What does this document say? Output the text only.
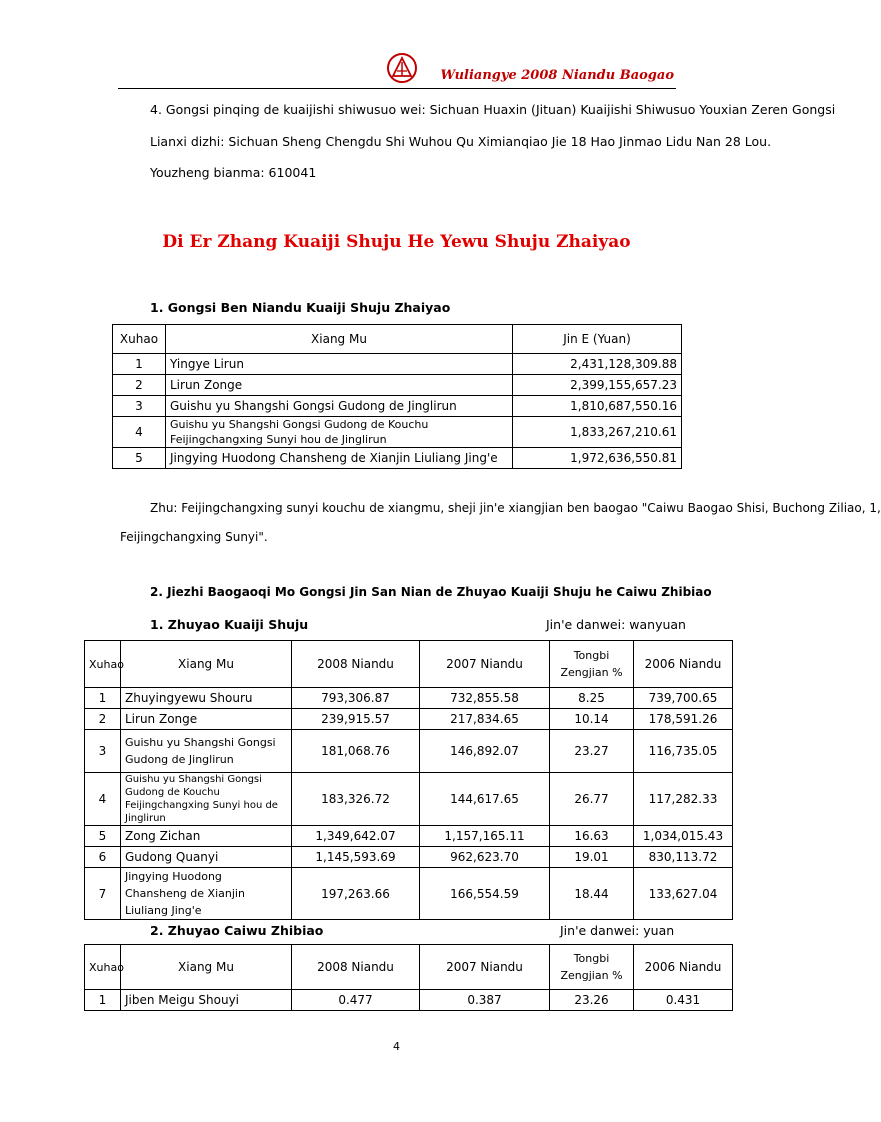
Wuliangye 2008 Niandu Baogao
4. Gongsi pinqing de kuaijishi shiwusuo wei: Sichuan Huaxin (Jituan) Kuaijishi Shiwusuo Youxian Zeren Gongsi
Lianxi dizhi: Sichuan Sheng Chengdu Shi Wuhou Qu Ximianqiao Jie 18 Hao Jinmao Lidu Nan 28 Lou.
Youzheng bianma: 610041
Di Er Zhang Kuaiji Shuju He Yewu Shuju Zhaiyao
1. Gongsi Ben Niandu Kuaiji Shuju Zhaiyao
Xuhao	Xiang Mu	Jin E (Yuan)
1	Yingye Lirun	2,431,128,309.88
2	Lirun Zonge	2,399,155,657.23
3	Guishu yu Shangshi Gongsi Gudong de Jinglirun	1,810,687,550.16
4	Guishu yu Shangshi Gongsi Gudong de Kouchu Feijingchangxing Sunyi hou de Jinglirun	1,833,267,210.61
5	Jingying Huodong Chansheng de Xianjin Liuliang Jing'e	1,972,636,550.81
Zhu: Feijingchangxing sunyi kouchu de xiangmu, sheji jin'e xiangjian ben baogao "Caiwu Baogao Shisi, Buchong Ziliao, 1,
Feijingchangxing Sunyi".
2. Jiezhi Baogaoqi Mo Gongsi Jin San Nian de Zhuyao Kuaiji Shuju he Caiwu Zhibiao
1. Zhuyao Kuaiji Shuju	Jin'e danwei: wanyuan
Xuhao	Xiang Mu	2008 Niandu	2007 Niandu	Tongbi Zengjian %	2006 Niandu
1	Zhuyingyewu Shouru	793,306.87	732,855.58	8.25	739,700.65
2	Lirun Zonge	239,915.57	217,834.65	10.14	178,591.26
3	Guishu yu Shangshi Gongsi Gudong de Jinglirun	181,068.76	146,892.07	23.27	116,735.05
4	Guishu yu Shangshi Gongsi Gudong de Kouchu Feijingchangxing Sunyi hou de Jinglirun	183,326.72	144,617.65	26.77	117,282.33
5	Zong Zichan	1,349,642.07	1,157,165.11	16.63	1,034,015.43
6	Gudong Quanyi	1,145,593.69	962,623.70	19.01	830,113.72
7	Jingying Huodong Chansheng de Xianjin Liuliang Jing'e	197,263.66	166,554.59	18.44	133,627.04
2. Zhuyao Caiwu Zhibiao	Jin'e danwei: yuan
Xuhao	Xiang Mu	2008 Niandu	2007 Niandu	Tongbi Zengjian %	2006 Niandu
1	Jiben Meigu Shouyi	0.477	0.387	23.26	0.431
4
